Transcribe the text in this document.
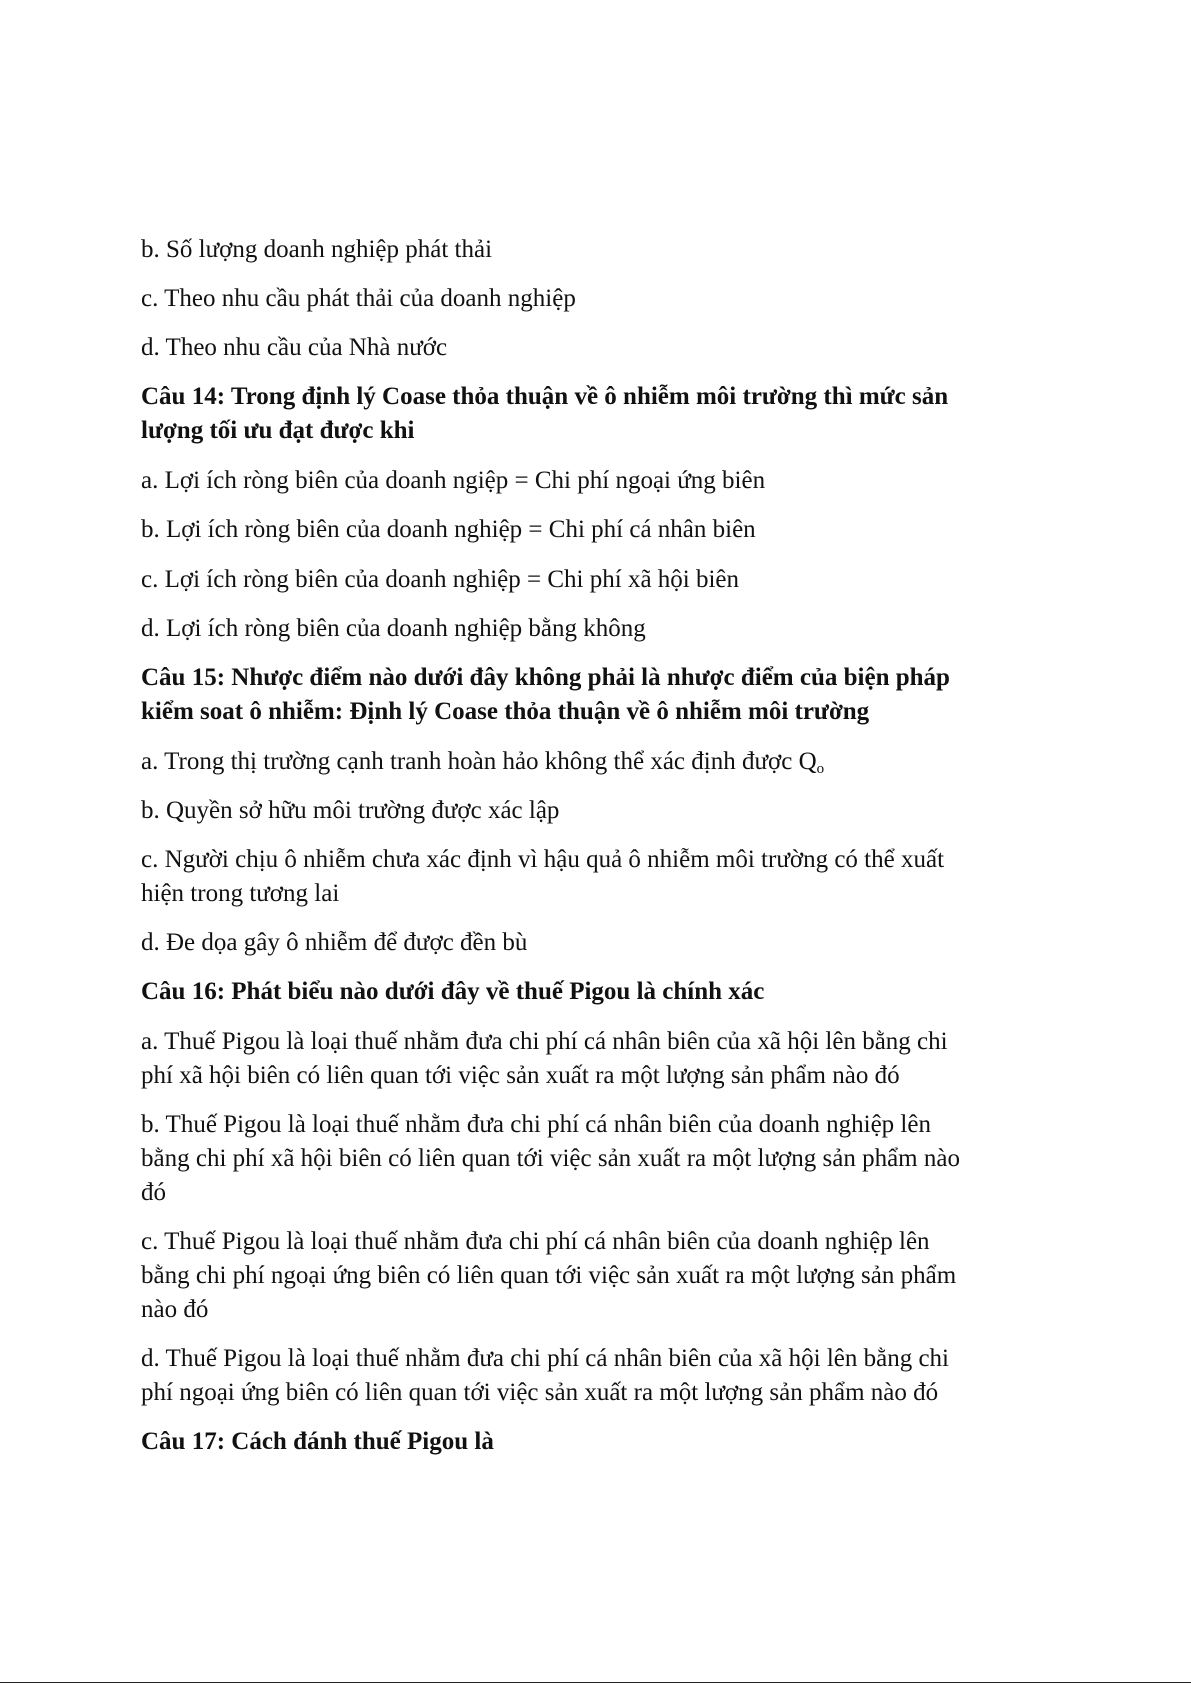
b. Số lượng doanh nghiệp phát thải
c. Theo nhu cầu phát thải của doanh nghiệp
d. Theo nhu cầu của Nhà nước
Câu 14: Trong định lý Coase thỏa thuận về ô nhiễm môi trường thì mức sản
lượng tối ưu đạt được khi
a. Lợi ích ròng biên của doanh ngiệp = Chi phí ngoại ứng biên
b. Lợi ích ròng biên của doanh nghiệp = Chi phí cá nhân biên
c. Lợi ích ròng biên của doanh nghiệp = Chi phí xã hội biên
d. Lợi ích ròng biên của doanh nghiệp bằng không
Câu 15: Nhược điểm nào dưới đây không phải là nhược điểm của biện pháp
kiểm soat ô nhiễm: Định lý Coase thỏa thuận về ô nhiễm môi trường
a. Trong thị trường cạnh tranh hoàn hảo không thể xác định được $Q_o$
b. Quyền sở hữu môi trường được xác lập
c. Người chịu ô nhiễm chưa xác định vì hậu quả ô nhiễm môi trường có thể xuất
hiện trong tương lai
d. Đe dọa gây ô nhiễm để được đền bù
Câu 16: Phát biểu nào dưới đây về thuế Pigou là chính xác
a. Thuế Pigou là loại thuế nhằm đưa chi phí cá nhân biên của xã hội lên bằng chi
phí xã hội biên có liên quan tới việc sản xuất ra một lượng sản phẩm nào đó
b. Thuế Pigou là loại thuế nhằm đưa chi phí cá nhân biên của doanh nghiệp lên
bằng chi phí xã hội biên có liên quan tới việc sản xuất ra một lượng sản phẩm nào
đó
c. Thuế Pigou là loại thuế nhằm đưa chi phí cá nhân biên của doanh nghiệp lên
bằng chi phí ngoại ứng biên có liên quan tới việc sản xuất ra một lượng sản phẩm
nào đó
d. Thuế Pigou là loại thuế nhằm đưa chi phí cá nhân biên của xã hội lên bằng chi
phí ngoại ứng biên có liên quan tới việc sản xuất ra một lượng sản phẩm nào đó
Câu 17: Cách đánh thuế Pigou là
